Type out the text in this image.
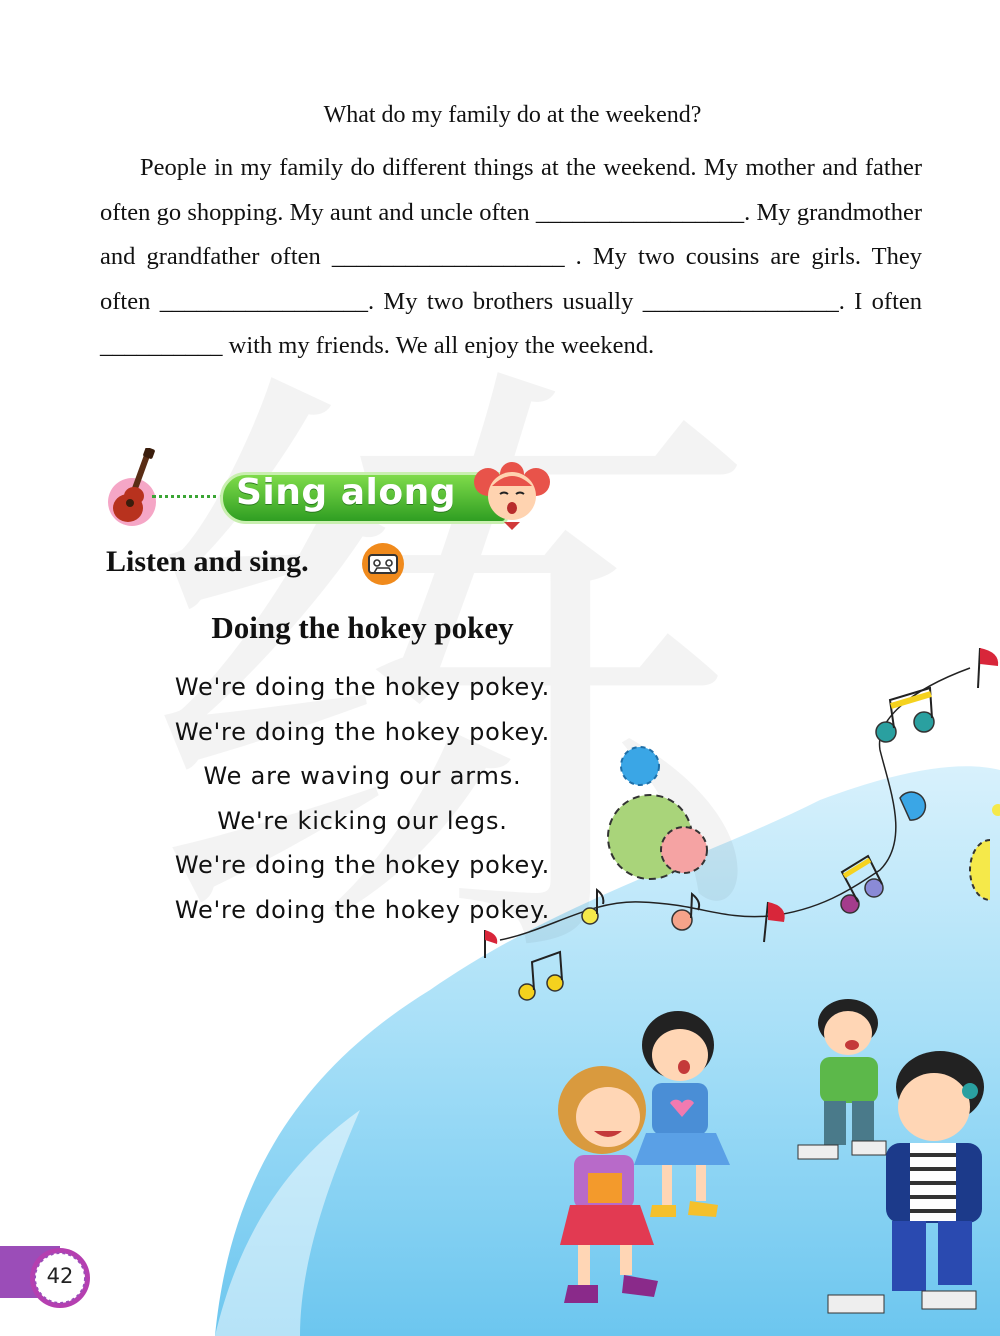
What do my family do at the weekend?

People in my family do different things at the weekend. My mother and father often go shopping. My aunt and uncle often _________________. My grandmother and grandfather often ___________________ . My two cousins are girls. They often _________________. My two brothers usually ________________. I often __________ with my friends. We all enjoy the weekend.

Sing along
Listen and sing.
Doing the hokey pokey
We're doing the hokey pokey.
We're doing the hokey pokey.
We are waving our arms.
We're kicking our legs.
We're doing the hokey pokey.
We're doing the hokey pokey.
42
